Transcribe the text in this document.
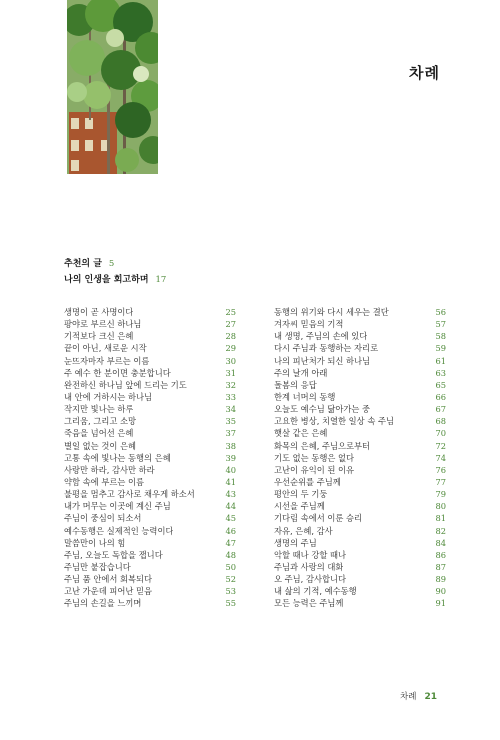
차례
추천의 글 5
나의 인생을 회고하며 17
생명이 곧 사명이다	25
팡야로 부르신 하나님	27
기적보다 크신 은혜	28
끝이 아닌, 새로운 시작	29
눈뜨자마자 부르는 이름	30
주 예수 한 분이면 충분합니다	31
완전하신 하나님 앞에 드리는 기도	32
내 안에 거하시는 하나님	33
작지만 빛나는 하루	34
그리움, 그리고 소망	35
죽음을 넘어선 은혜	37
별일 없는 것이 은혜	38
고통 속에 빛나는 동행의 은혜	39
사랑만 하라, 감사만 하라	40
약함 속에 부르는 이름	41
불평을 멈추고 감사로 채우게 하소서	43
내가 머무는 이곳에 계신 주님	44
주님이 중심이 되소서	45
예수동행은 실제적인 능력이다	46
말씀만이 나의 힘	47
주님, 오늘도 독합을 잽니다	48
주님만 붙잡습니다	50
주님 품 안에서 회복되다	52
고난 가운데 피어난 믿음	53
주님의 손길을 느끼며	55
동행의 위기와 다시 세우는 결단	56
겨자씨 믿음의 기적	57
내 생명, 주님의 손에 있다	58
다시 주님과 동행하는 자리로	59
나의 피난처가 되신 하나님	61
주의 날개 아래	63
돌봄의 응답	65
한계 너머의 동행	66
오늘도 예수님 닮아가는 중	67
고요한 병상, 치열한 일상 속 주님	68
햇살 같은 은혜	70
화목의 은혜, 주님으로부터	72
기도 없는 동행은 없다	74
고난이 유익이 된 이유	76
우선순위를 주님께	77
평안의 두 기둥	79
시선을 주님께	80
기다림 속에서 이룬 승리	81
자유, 은혜, 감사	82
생명의 주님	84
악할 때나 강할 때나	86
주님과 사랑의 대화	87
오 주님, 감사합니다	89
내 삶의 기적, 예수동행	90
모든 능력은 주님께	91
차례 21
